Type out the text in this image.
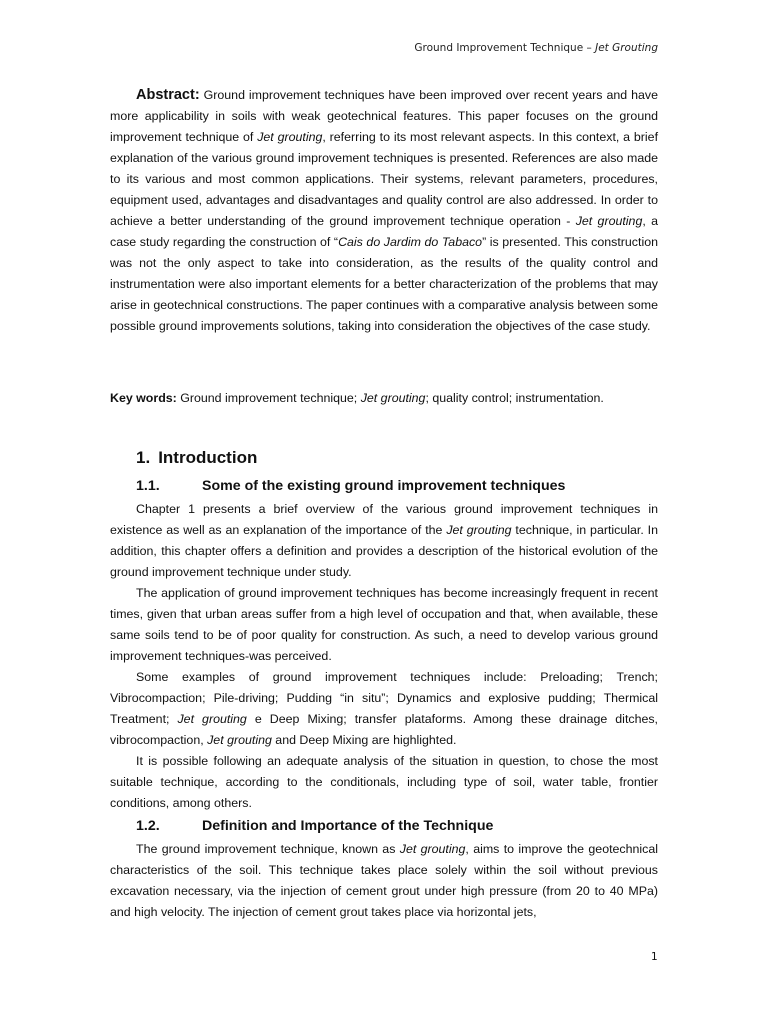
Ground Improvement Technique – Jet Grouting

Abstract: Ground improvement techniques have been improved over recent years and have more applicability in soils with weak geotechnical features. This paper focuses on the ground improvement technique of Jet grouting, referring to its most relevant aspects. In this context, a brief explanation of the various ground improvement techniques is presented. References are also made to its various and most common applications. Their systems, relevant parameters, procedures, equipment used, advantages and disadvantages and quality control are also addressed. In order to achieve a better understanding of the ground improvement technique operation - Jet grouting, a case study regarding the construction of “Cais do Jardim do Tabaco” is presented. This construction was not the only aspect to take into consideration, as the results of the quality control and instrumentation were also important elements for a better characterization of the problems that may arise in geotechnical constructions. The paper continues with a comparative analysis between some possible ground improvements solutions, taking into consideration the objectives of the case study.

Key words: Ground improvement technique; Jet grouting; quality control; instrumentation.

1. Introduction
1.1.	Some of the existing ground improvement techniques

Chapter 1 presents a brief overview of the various ground improvement techniques in existence as well as an explanation of the importance of the Jet grouting technique, in particular. In addition, this chapter offers a definition and provides a description of the historical evolution of the ground improvement technique under study.

The application of ground improvement techniques has become increasingly frequent in recent times, given that urban areas suffer from a high level of occupation and that, when available, these same soils tend to be of poor quality for construction. As such, a need to develop various ground improvement techniques-was perceived.

Some examples of ground improvement techniques include: Preloading; Trench; Vibrocompaction; Pile-driving; Pudding “in situ”; Dynamics and explosive pudding; Thermical Treatment; Jet grouting e Deep Mixing; transfer plataforms. Among these drainage ditches, vibrocompaction, Jet grouting and Deep Mixing are highlighted.

It is possible following an adequate analysis of the situation in question, to chose the most suitable technique, according to the conditionals, including type of soil, water table, frontier conditions, among others.

1.2.	Definition and Importance of the Technique

The ground improvement technique, known as Jet grouting, aims to improve the geotechnical characteristics of the soil. This technique takes place solely within the soil without previous excavation necessary, via the injection of cement grout under high pressure (from 20 to 40 MPa) and high velocity. The injection of cement grout takes place via horizontal jets,

1
